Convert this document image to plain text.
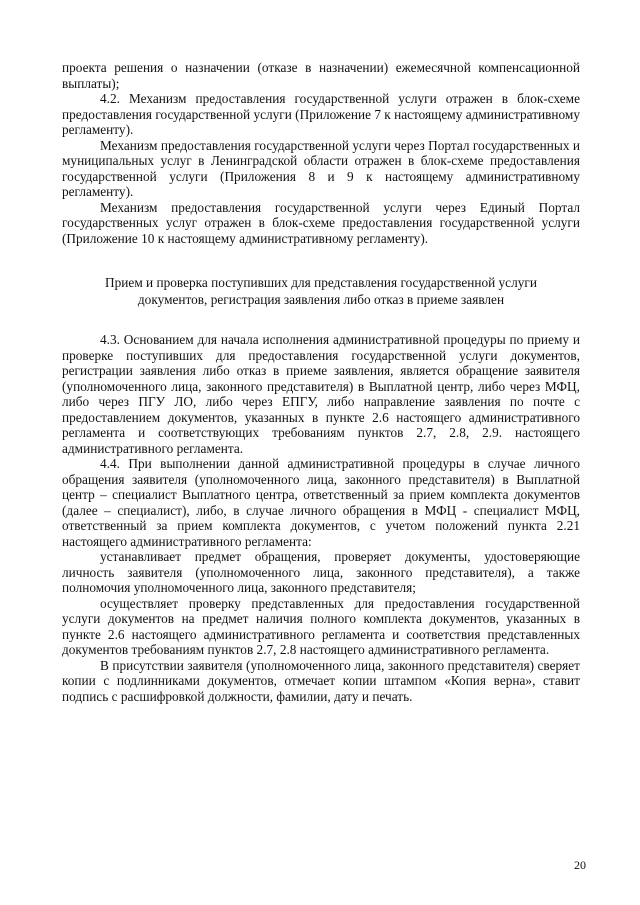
проекта решения о назначении (отказе в назначении) ежемесячной компенсационной выплаты);

4.2. Механизм предоставления государственной услуги отражен в блок-схеме предоставления государственной услуги (Приложение 7 к настоящему административному регламенту).

Механизм предоставления государственной услуги через Портал государственных и муниципальных услуг в Ленинградской области отражен в блок-схеме предоставления государственной услуги (Приложения 8 и 9 к настоящему административному регламенту).

Механизм предоставления государственной услуги через Единый Портал государственных услуг отражен в блок-схеме предоставления государственной услуги (Приложение 10 к настоящему административному регламенту).

Прием и проверка поступивших для представления государственной услуги документов, регистрация заявления либо отказ в приеме заявлен

4.3. Основанием для начала исполнения административной процедуры по приему и проверке поступивших для предоставления государственной услуги документов, регистрации заявления либо отказ в приеме заявления, является обращение заявителя (уполномоченного лица, законного представителя) в Выплатной центр, либо через МФЦ, либо через ПГУ ЛО, либо через ЕПГУ, либо направление заявления по почте с предоставлением документов, указанных в пункте 2.6 настоящего административного регламента и соответствующих требованиям пунктов 2.7, 2.8, 2.9. настоящего административного регламента.

4.4. При выполнении данной административной процедуры в случае личного обращения заявителя (уполномоченного лица, законного представителя) в Выплатной центр – специалист Выплатного центра, ответственный за прием комплекта документов (далее – специалист), либо, в случае личного обращения в МФЦ - специалист МФЦ, ответственный за прием комплекта документов, с учетом положений пункта 2.21 настоящего административного регламента:

устанавливает предмет обращения, проверяет документы, удостоверяющие личность заявителя (уполномоченного лица, законного представителя), а также полномочия уполномоченного лица, законного представителя;

осуществляет проверку представленных для предоставления государственной услуги документов на предмет наличия полного комплекта документов, указанных в пункте 2.6 настоящего административного регламента и соответствия представленных документов требованиям пунктов 2.7, 2.8 настоящего административного регламента.

В присутствии заявителя (уполномоченного лица, законного представителя) сверяет копии с подлинниками документов, отмечает копии штампом «Копия верна», ставит подпись с расшифровкой должности, фамилии, дату и печать.

20
